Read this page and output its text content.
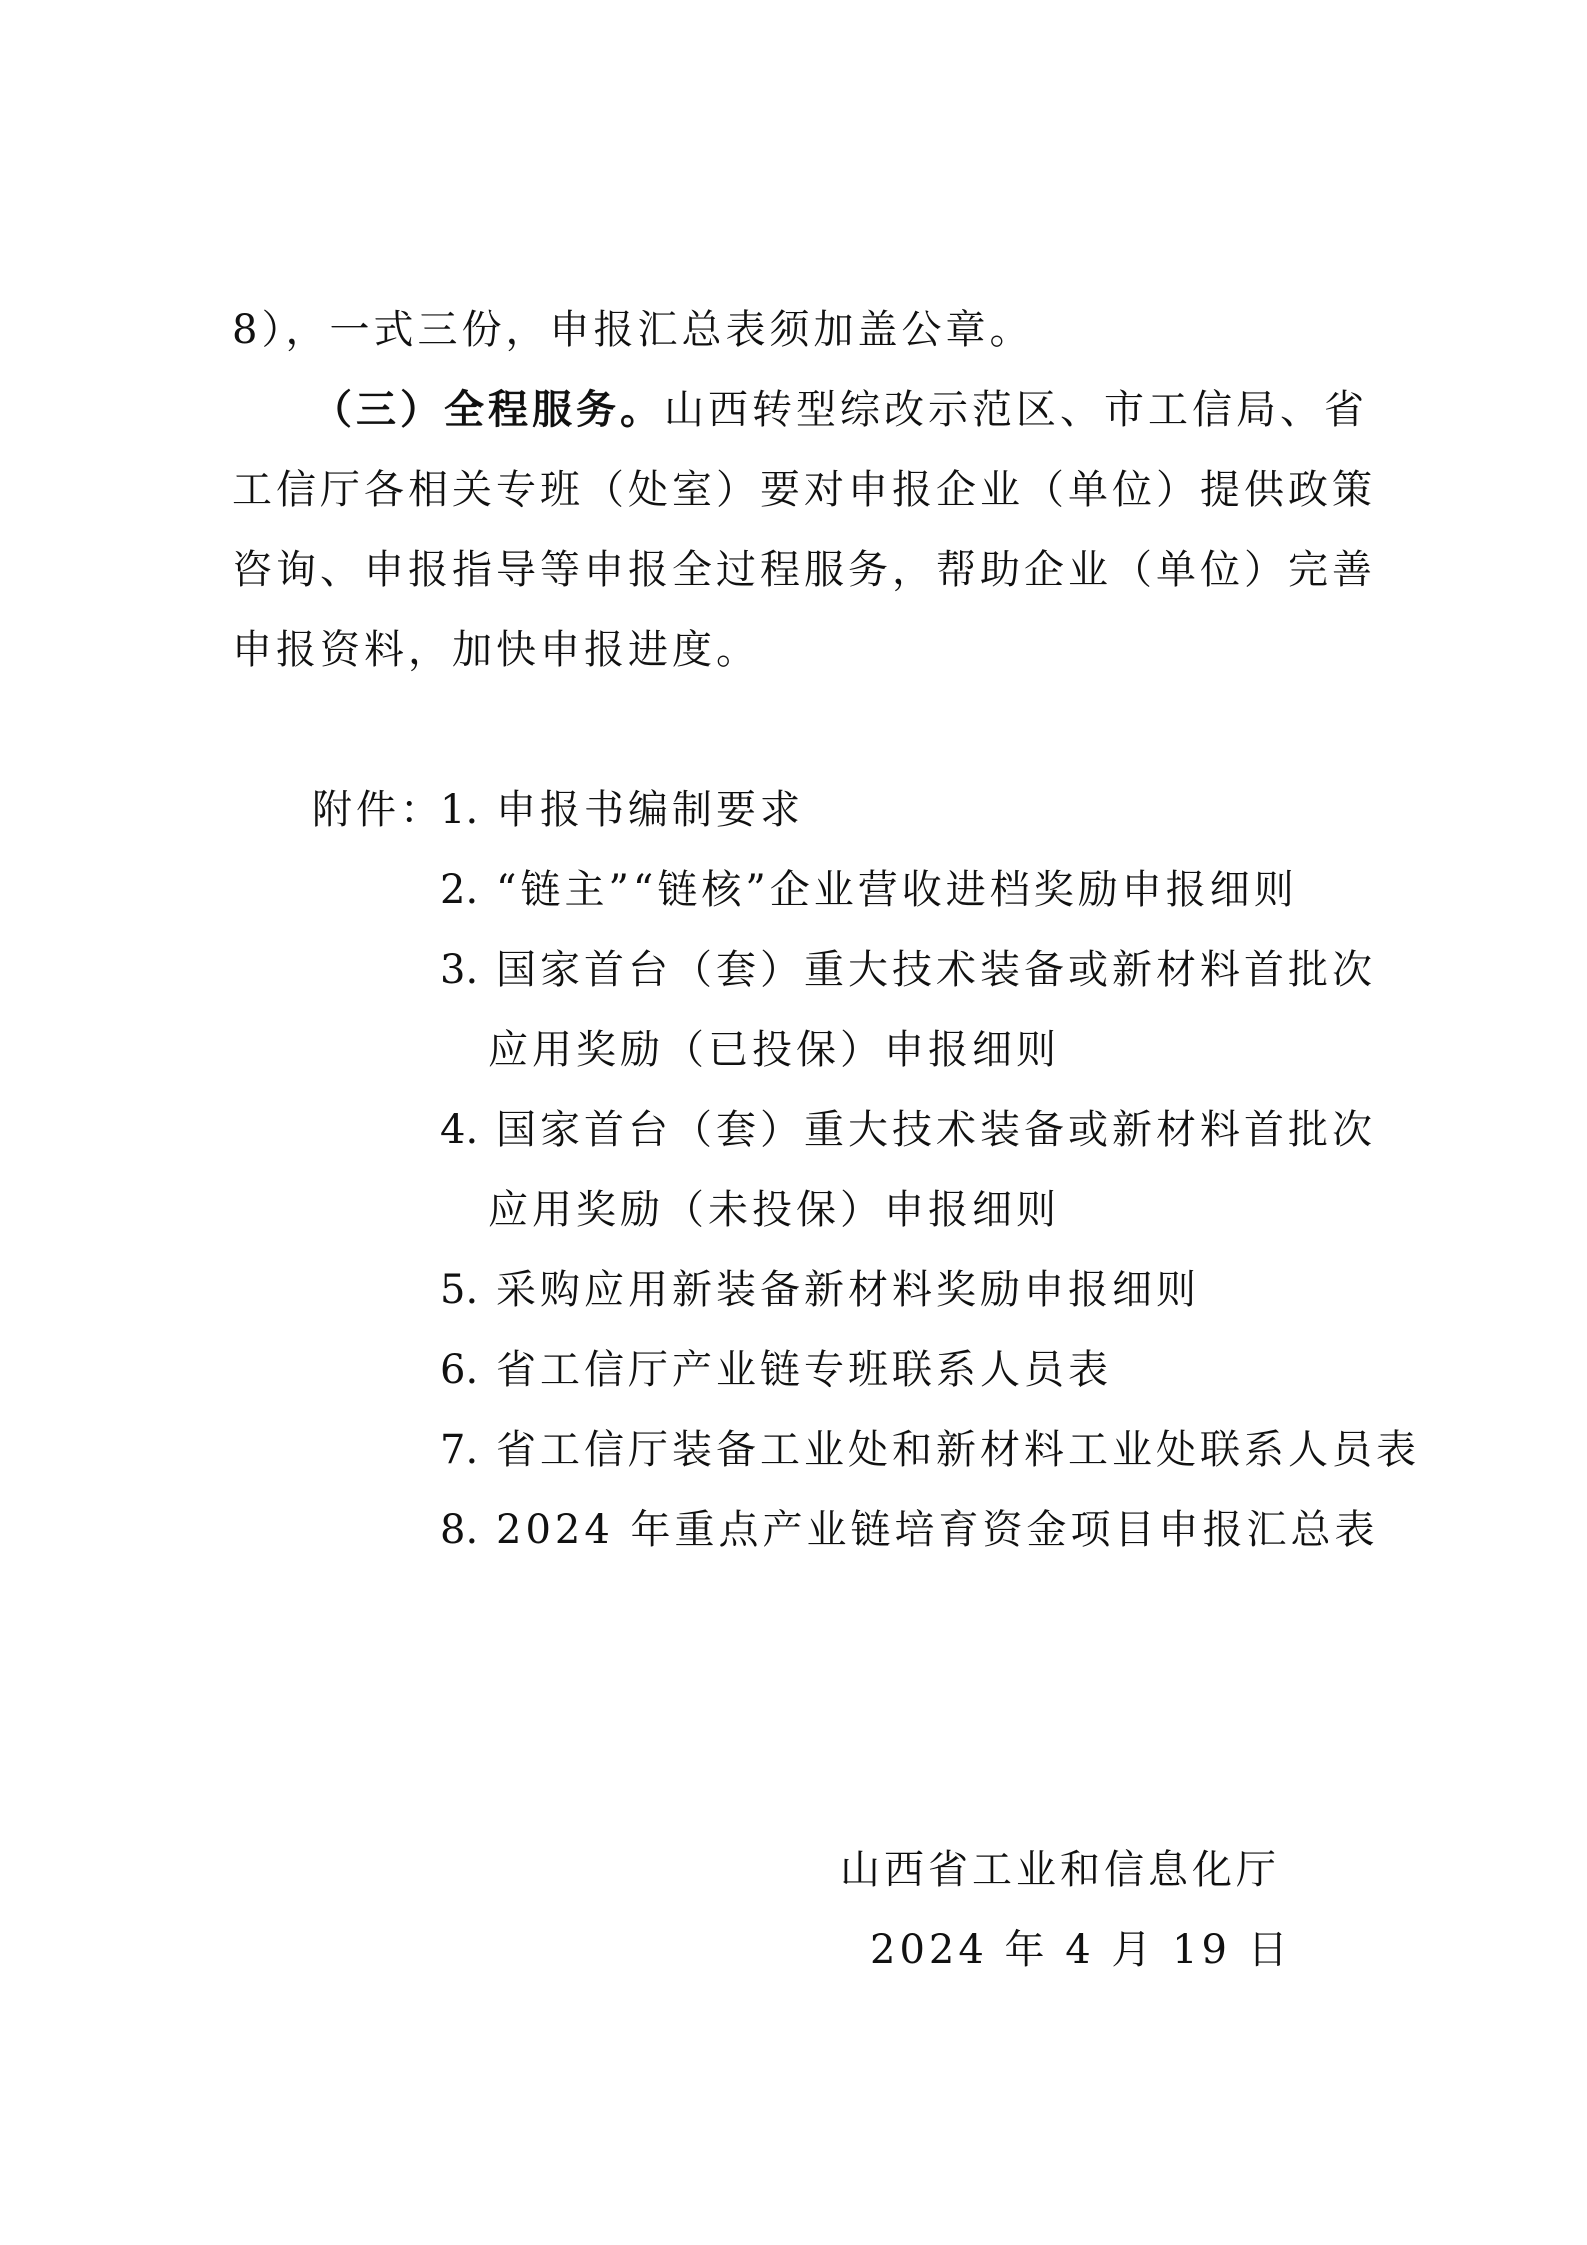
8），一式三份，申报汇总表须加盖公章。
（三）全程服务。山西转型综改示范区、市工信局、省
工信厅各相关专班（处室）要对申报企业（单位）提供政策
咨询、申报指导等申报全过程服务，帮助企业（单位）完善
申报资料，加快申报进度。
附件：
1. 申报书编制要求
2. “链主”“链核”企业营收进档奖励申报细则
3. 国家首台（套）重大技术装备或新材料首批次
应用奖励（已投保）申报细则
4. 国家首台（套）重大技术装备或新材料首批次
应用奖励（未投保）申报细则
5. 采购应用新装备新材料奖励申报细则
6. 省工信厅产业链专班联系人员表
7. 省工信厅装备工业处和新材料工业处联系人员表
8. 2024 年重点产业链培育资金项目申报汇总表
山西省工业和信息化厅
2024 年 4 月 19 日
